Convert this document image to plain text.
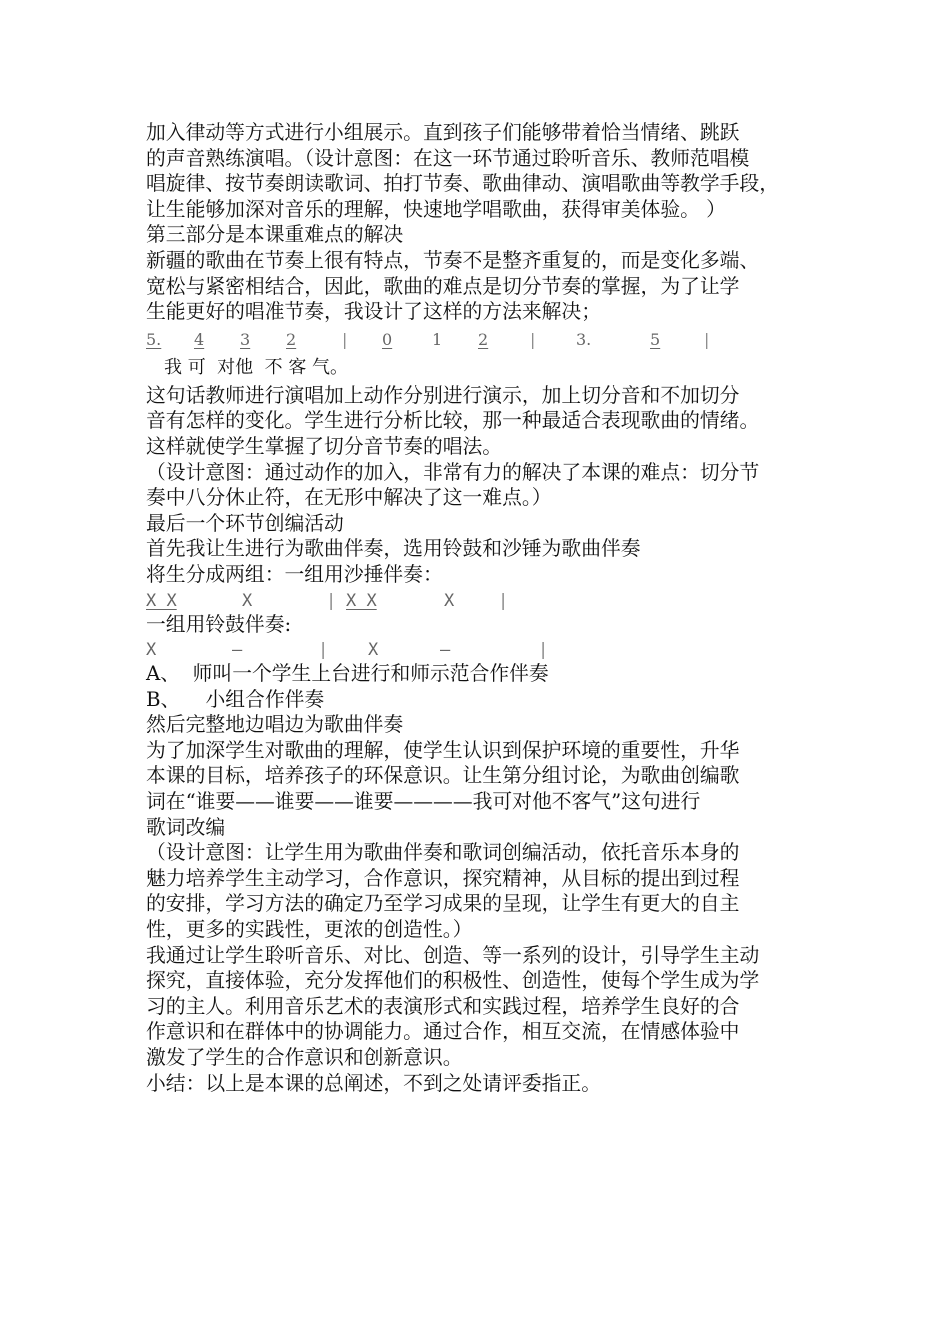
加入律动等方式进行小组展示。直到孩子们能够带着恰当情绪、跳跃

的声音熟练演唱。（设计意图：在这一环节通过聆听音乐、教师范唱模

唱旋律、按节奏朗读歌词、拍打节奏、歌曲律动、演唱歌曲等教学手段，

让生能够加深对音乐的理解，快速地学唱歌曲，获得审美体验。 ）

第三部分是本课重难点的解决

新疆的歌曲在节奏上很有特点，节奏不是整齐重复的，而是变化多端、

宽松与紧密相结合，因此，歌曲的难点是切分节奏的掌握，为了让学

生能更好的唱准节奏，我设计了这样的方法来解决；

5. 4 3 2	| 0 1 2	|	3.	5	|
我 可  对他  不 客 气。

这句话教师进行演唱加上动作分别进行演示，加上切分音和不加切分

音有怎样的变化。学生进行分析比较，那一种最适合表现歌曲的情绪。

这样就使学生掌握了切分音节奏的唱法。

（设计意图：通过动作的加入，非常有力的解决了本课的难点：切分节

奏中八分休止符，在无形中解决了这一难点。）

最后一个环节创编活动

首先我让生进行为歌曲伴奏，选用铃鼓和沙锤为歌曲伴奏

将生分成两组：一组用沙捶伴奏：

X X	X	| X X	X	|

一组用铃鼓伴奏:

X	—	| X	—	|

A、  师叫一个学生上台进行和师示范合作伴奏

B、    小组合作伴奏

然后完整地边唱边为歌曲伴奏

为了加深学生对歌曲的理解，使学生认识到保护环境的重要性，升华

本课的目标，培养孩子的环保意识。让生第分组讨论，为歌曲创编歌

词在“谁要——谁要——谁要————我可对他不客气”这句进行

歌词改编

（设计意图：让学生用为歌曲伴奏和歌词创编活动，依托音乐本身的

魅力培养学生主动学习，合作意识，探究精神，从目标的提出到过程

的安排，学习方法的确定乃至学习成果的呈现，让学生有更大的自主

性，更多的实践性，更浓的创造性。）

我通过让学生聆听音乐、对比、创造、等一系列的设计，引导学生主动

探究，直接体验，充分发挥他们的积极性、创造性，使每个学生成为学

习的主人。利用音乐艺术的表演形式和实践过程，培养学生良好的合

作意识和在群体中的协调能力。通过合作，相互交流，在情感体验中

激发了学生的合作意识和创新意识。

小结：以上是本课的总阐述，不到之处请评委指正。
